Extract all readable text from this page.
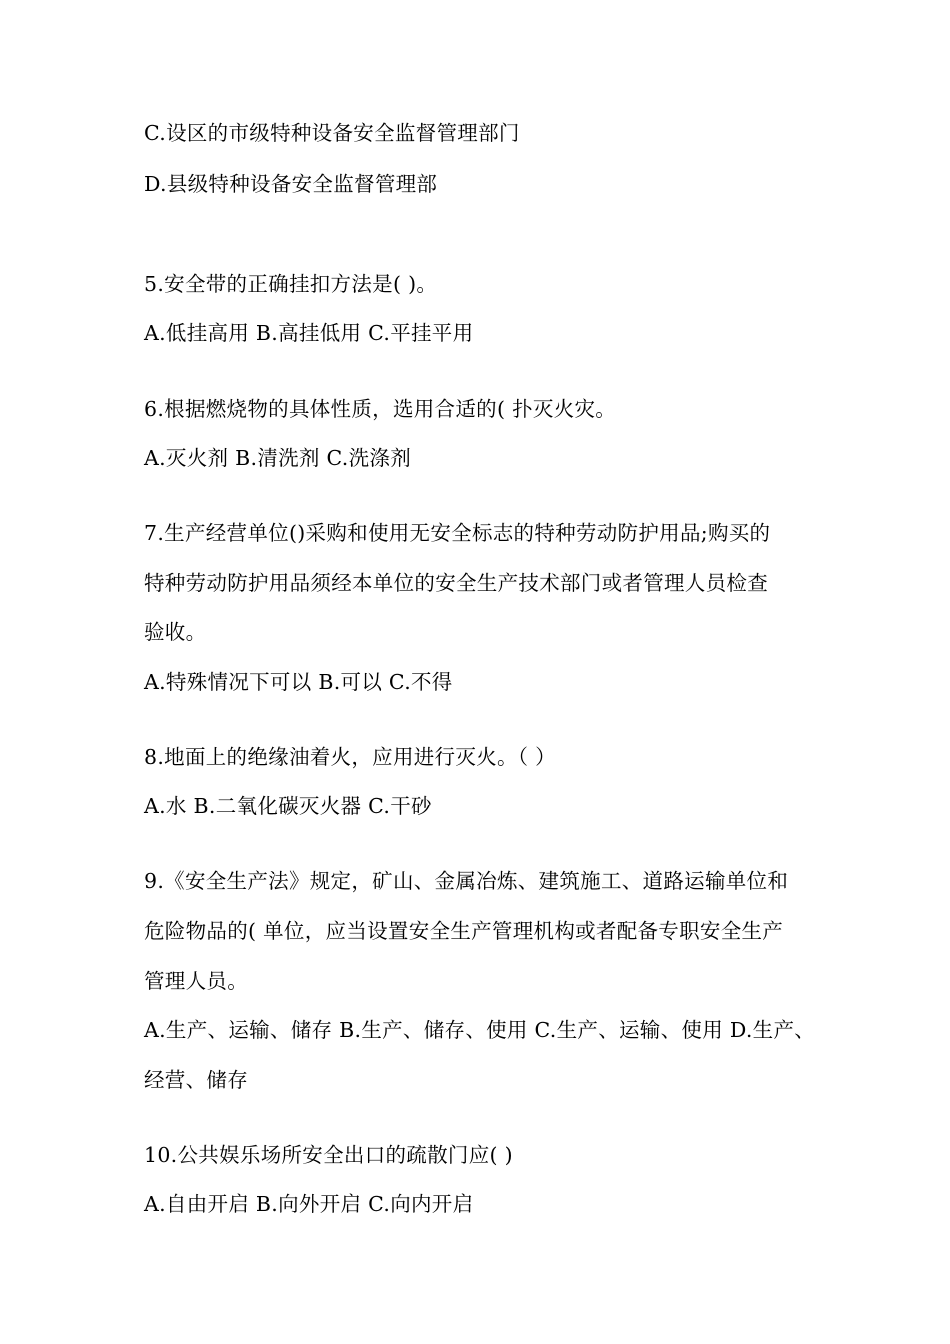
C.设区的市级特种设备安全监督管理部门
D.县级特种设备安全监督管理部
5.安全带的正确挂扣方法是( )。
A.低挂高用 B.高挂低用 C.平挂平用
6.根据燃烧物的具体性质，选用合适的( 扑灭火灾。
A.灭火剂 B.清洗剂 C.洗涤剂
7.生产经营单位()采购和使用无安全标志的特种劳动防护用品;购买的
特种劳动防护用品须经本单位的安全生产技术部门或者管理人员检查
验收。
A.特殊情况下可以 B.可以 C.不得
8.地面上的绝缘油着火，应用进行灭火。（ ）
A.水 B.二氧化碳灭火器 C.干砂
9.《安全生产法》规定，矿山、金属冶炼、建筑施工、道路运输单位和
危险物品的( 单位，应当设置安全生产管理机构或者配备专职安全生产
管理人员。
A.生产、运输、储存 B.生产、储存、使用 C.生产、运输、使用 D.生产、
经营、储存
10.公共娱乐场所安全出口的疏散门应( )
A.自由开启 B.向外开启 C.向内开启
